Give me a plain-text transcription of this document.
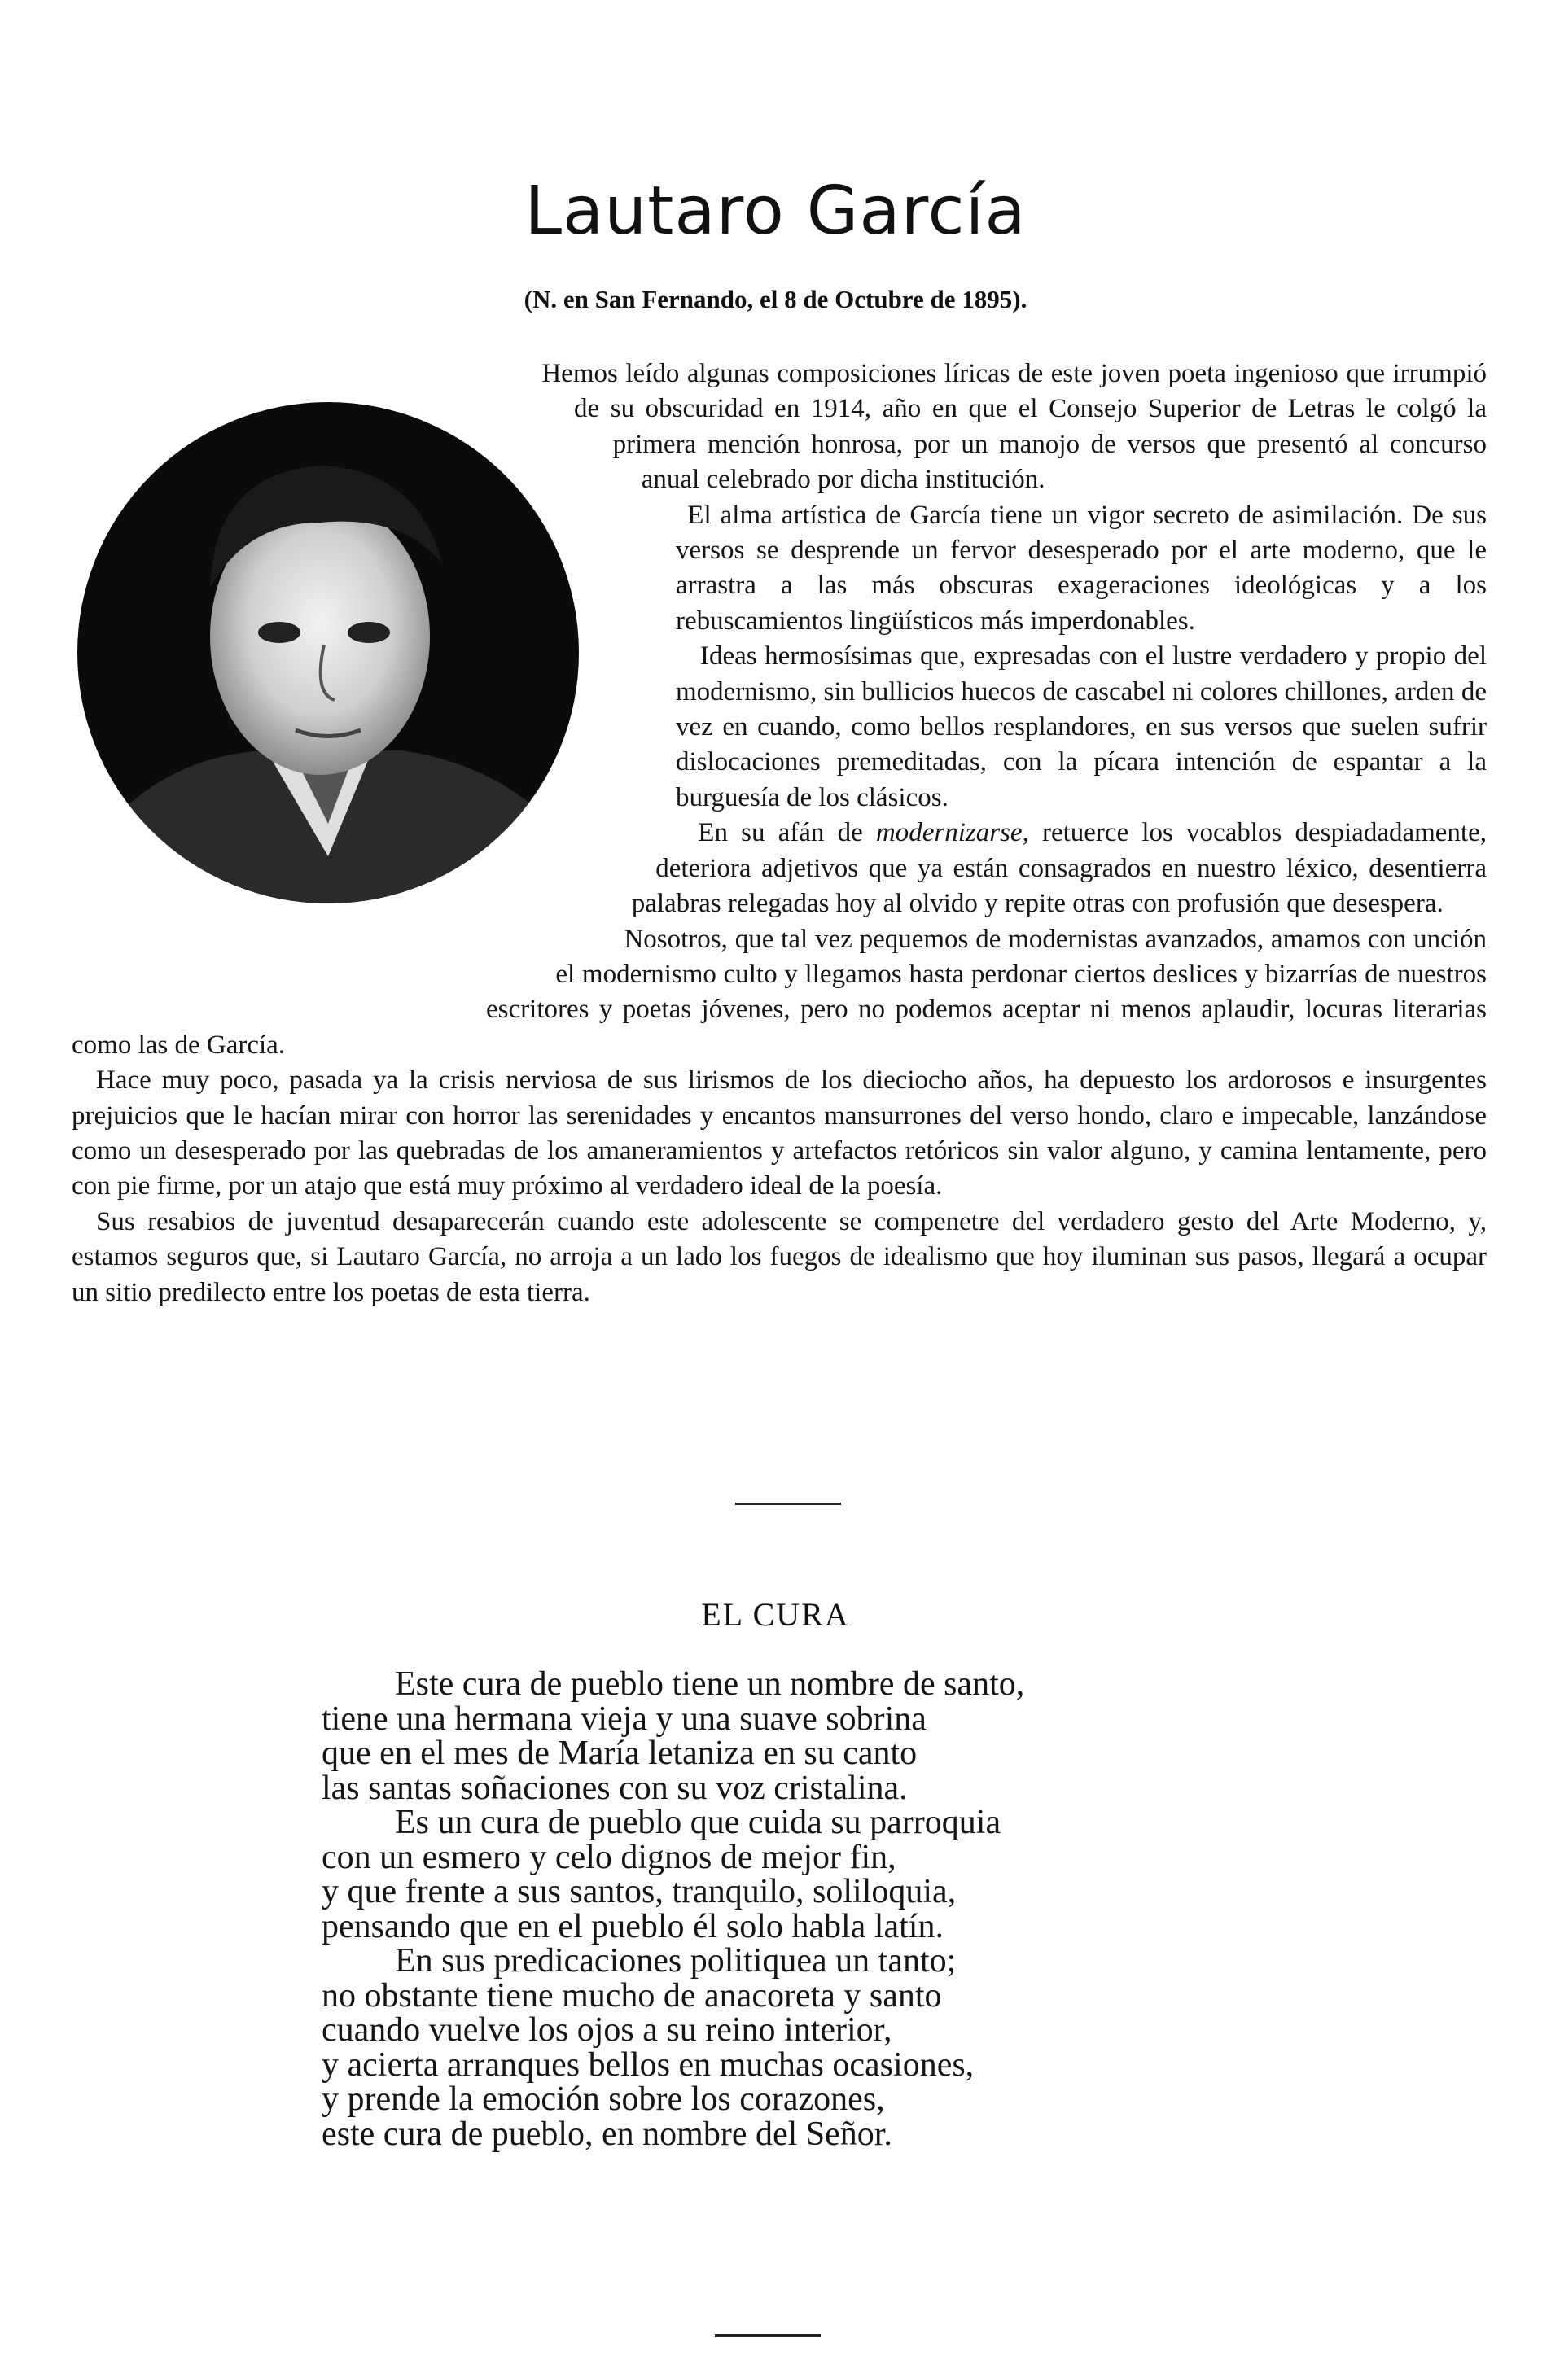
Lautaro García
(N. en San Fernando, el 8 de Octubre de 1895).

Hemos leído algunas composiciones líricas de este joven poeta ingenioso que irrumpió de su obscuridad en 1914, año en que el Consejo Superior de Letras le colgó la primera mención honrosa, por un manojo de versos que presentó al concurso anual celebrado por dicha institución.

El alma artística de García tiene un vigor secreto de asimilación. De sus versos se desprende un fervor desesperado por el arte moderno, que le arrastra a las más obscuras exageraciones ideológicas y a los rebuscamientos lingüísticos más imperdonables.

Ideas hermosísimas que, expresadas con el lustre verdadero y propio del modernismo, sin bullicios huecos de cascabel ni colores chillones, arden de vez en cuando, como bellos resplandores, en sus versos que suelen sufrir dislocaciones premeditadas, con la pícara intención de espantar a la burguesía de los clásicos.

En su afán de modernizarse, retuerce los vocablos despiadadamente, deteriora adjetivos que ya están consagrados en nuestro léxico, desentierra palabras relegadas hoy al olvido y repite otras con profusión que desespera.

Nosotros, que tal vez pequemos de modernistas avanzados, amamos con unción el modernismo culto y llegamos hasta perdonar ciertos deslices y bizarrías de nuestros escritores y poetas jóvenes, pero no podemos aceptar ni menos aplaudir, locuras literarias como las de García.

Hace muy poco, pasada ya la crisis nerviosa de sus lirismos de los dieciocho años, ha depuesto los ardorosos e insurgentes prejuicios que le hacían mirar con horror las serenidades y encantos mansurrones del verso hondo, claro e impecable, lanzándose como un desesperado por las quebradas de los amaneramientos y artefactos retóricos sin valor alguno, y camina lentamente, pero con pie firme, por un atajo que está muy próximo al verdadero ideal de la poesía.

Sus resabios de juventud desaparecerán cuando este adolescente se compenetre del verdadero gesto del Arte Moderno, y, estamos seguros que, si Lautaro García, no arroja a un lado los fuegos de idealismo que hoy iluminan sus pasos, llegará a ocupar un sitio predilecto entre los poetas de esta tierra.

EL CURA
Este cura de pueblo tiene un nombre de santo,
tiene una hermana vieja y una suave sobrina
que en el mes de María letaniza en su canto
las santas soñaciones con su voz cristalina.
Es un cura de pueblo que cuida su parroquia
con un esmero y celo dignos de mejor fin,
y que frente a sus santos, tranquilo, soliloquia,
pensando que en el pueblo él solo habla latín.
En sus predicaciones politiquea un tanto;
no obstante tiene mucho de anacoreta y santo
cuando vuelve los ojos a su reino interior,
y acierta arranques bellos en muchas ocasiones,
y prende la emoción sobre los corazones,
este cura de pueblo, en nombre del Señor.
